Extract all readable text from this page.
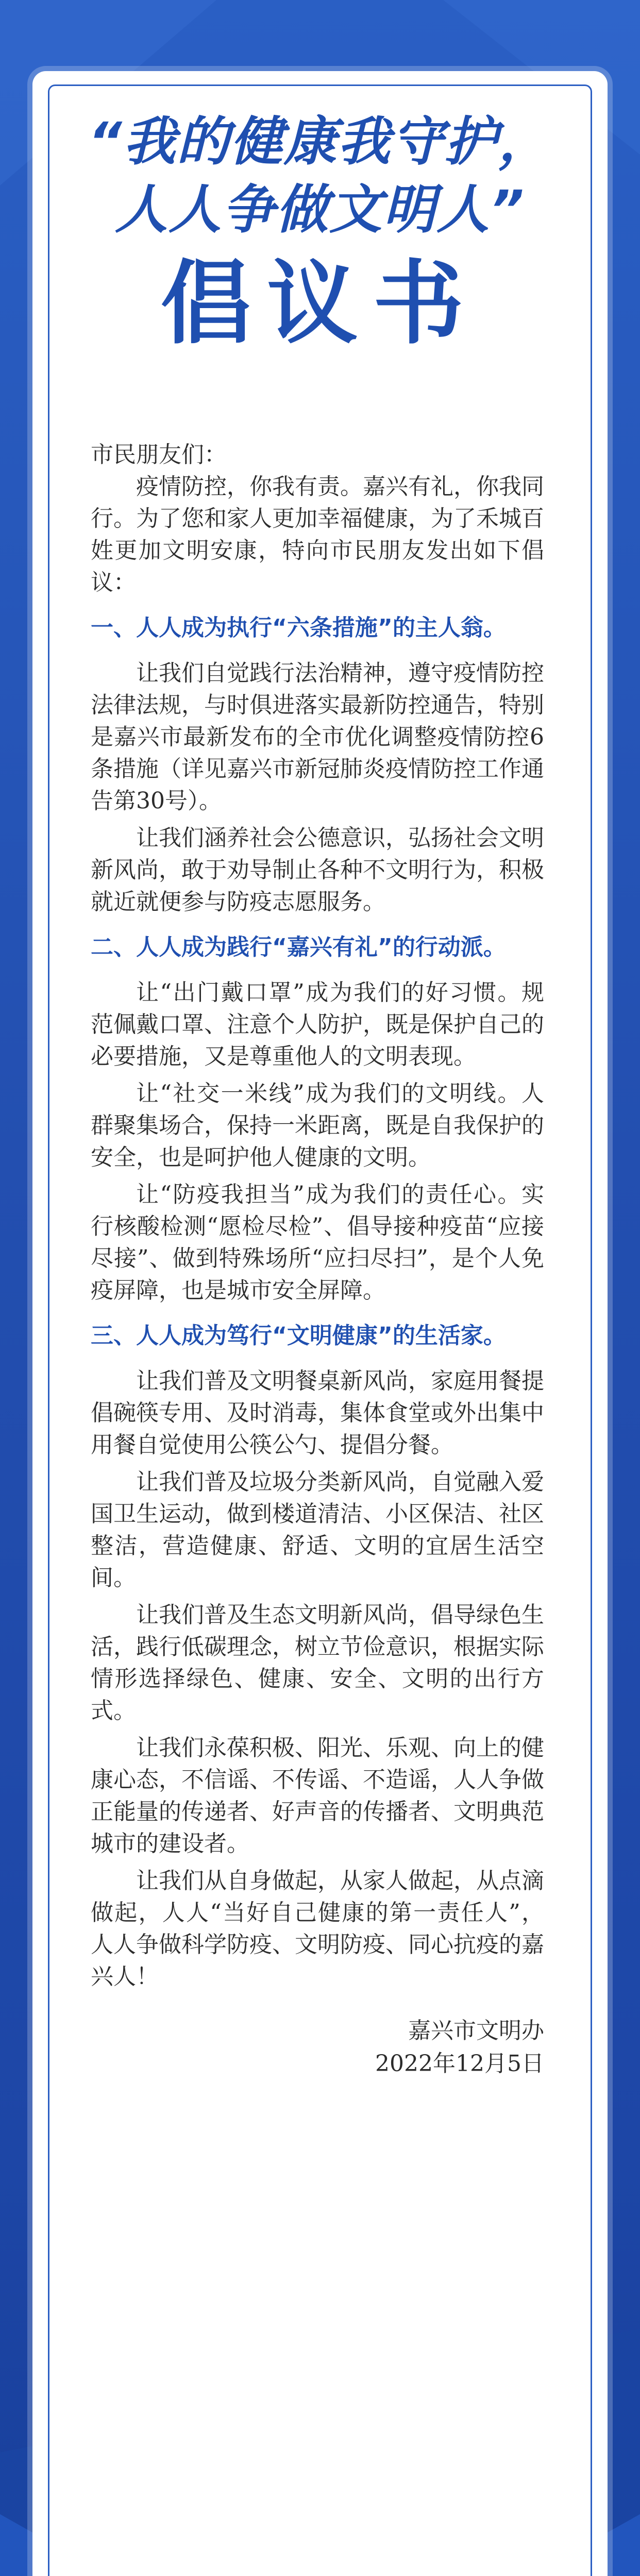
“我的健康我守护，
人人争做文明人”
倡议书

市民朋友们：

疫情防控，你我有责。嘉兴有礼，你我同行。为了您和家人更加幸福健康，为了禾城百姓更加文明安康，特向市民朋友发出如下倡议：

一、人人成为执行“六条措施”的主人翁。

让我们自觉践行法治精神，遵守疫情防控法律法规，与时俱进落实最新防控通告，特别是嘉兴市最新发布的全市优化调整疫情防控6条措施（详见嘉兴市新冠肺炎疫情防控工作通告第30号）。

让我们涵养社会公德意识，弘扬社会文明新风尚，敢于劝导制止各种不文明行为，积极就近就便参与防疫志愿服务。

二、人人成为践行“嘉兴有礼”的行动派。

让“出门戴口罩”成为我们的好习惯。规范佩戴口罩、注意个人防护，既是保护自己的必要措施，又是尊重他人的文明表现。

让“社交一米线”成为我们的文明线。人群聚集场合，保持一米距离，既是自我保护的安全，也是呵护他人健康的文明。

让“防疫我担当”成为我们的责任心。实行核酸检测“愿检尽检”、倡导接种疫苗“应接尽接”、做到特殊场所“应扫尽扫”，是个人免疫屏障，也是城市安全屏障。

三、人人成为笃行“文明健康”的生活家。

让我们普及文明餐桌新风尚，家庭用餐提倡碗筷专用、及时消毒，集体食堂或外出集中用餐自觉使用公筷公勺、提倡分餐。

让我们普及垃圾分类新风尚，自觉融入爱国卫生运动，做到楼道清洁、小区保洁、社区整洁，营造健康、舒适、文明的宜居生活空间。

让我们普及生态文明新风尚，倡导绿色生活，践行低碳理念，树立节俭意识，根据实际情形选择绿色、健康、安全、文明的出行方式。

让我们永葆积极、阳光、乐观、向上的健康心态，不信谣、不传谣、不造谣，人人争做正能量的传递者、好声音的传播者、文明典范城市的建设者。

让我们从自身做起，从家人做起，从点滴做起，人人“当好自己健康的第一责任人”，人人争做科学防疫、文明防疫、同心抗疫的嘉兴人！

嘉兴市文明办
2022年12月5日
